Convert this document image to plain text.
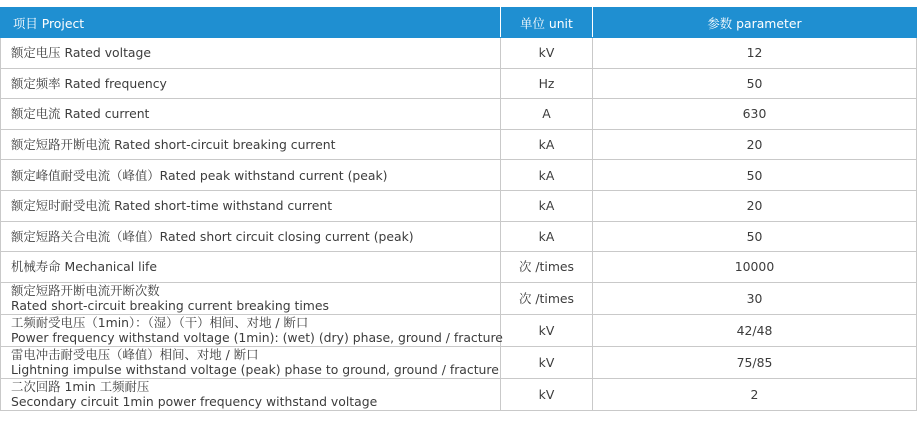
项目 Project	单位 unit	参数 parameter
额定电压 Rated voltage	kV	12
额定频率 Rated frequency	Hz	50
额定电流 Rated current	A	630
额定短路开断电流 Rated short-circuit breaking current	kA	20
额定峰值耐受电流（峰值）Rated peak withstand current (peak)	kA	50
额定短时耐受电流 Rated short-time withstand current	kA	20
额定短路关合电流（峰值）Rated short circuit closing current (peak)	kA	50
机械寿命 Mechanical life	次 /times	10000

额定短路开断电流开断次数
Rated short-circuit breaking current breaking times	次 /times	30

工频耐受电压（1min）：（湿）（干）相间、对地 / 断口
Power frequency withstand voltage (1min): (wet) (dry) phase, ground / fracture	kV	42/48

雷电冲击耐受电压（峰值）相间、对地 / 断口
Lightning impulse withstand voltage (peak) phase to ground, ground / fracture	kV	75/85

二次回路 1min 工频耐压
Secondary circuit 1min power frequency withstand voltage	kV	2
